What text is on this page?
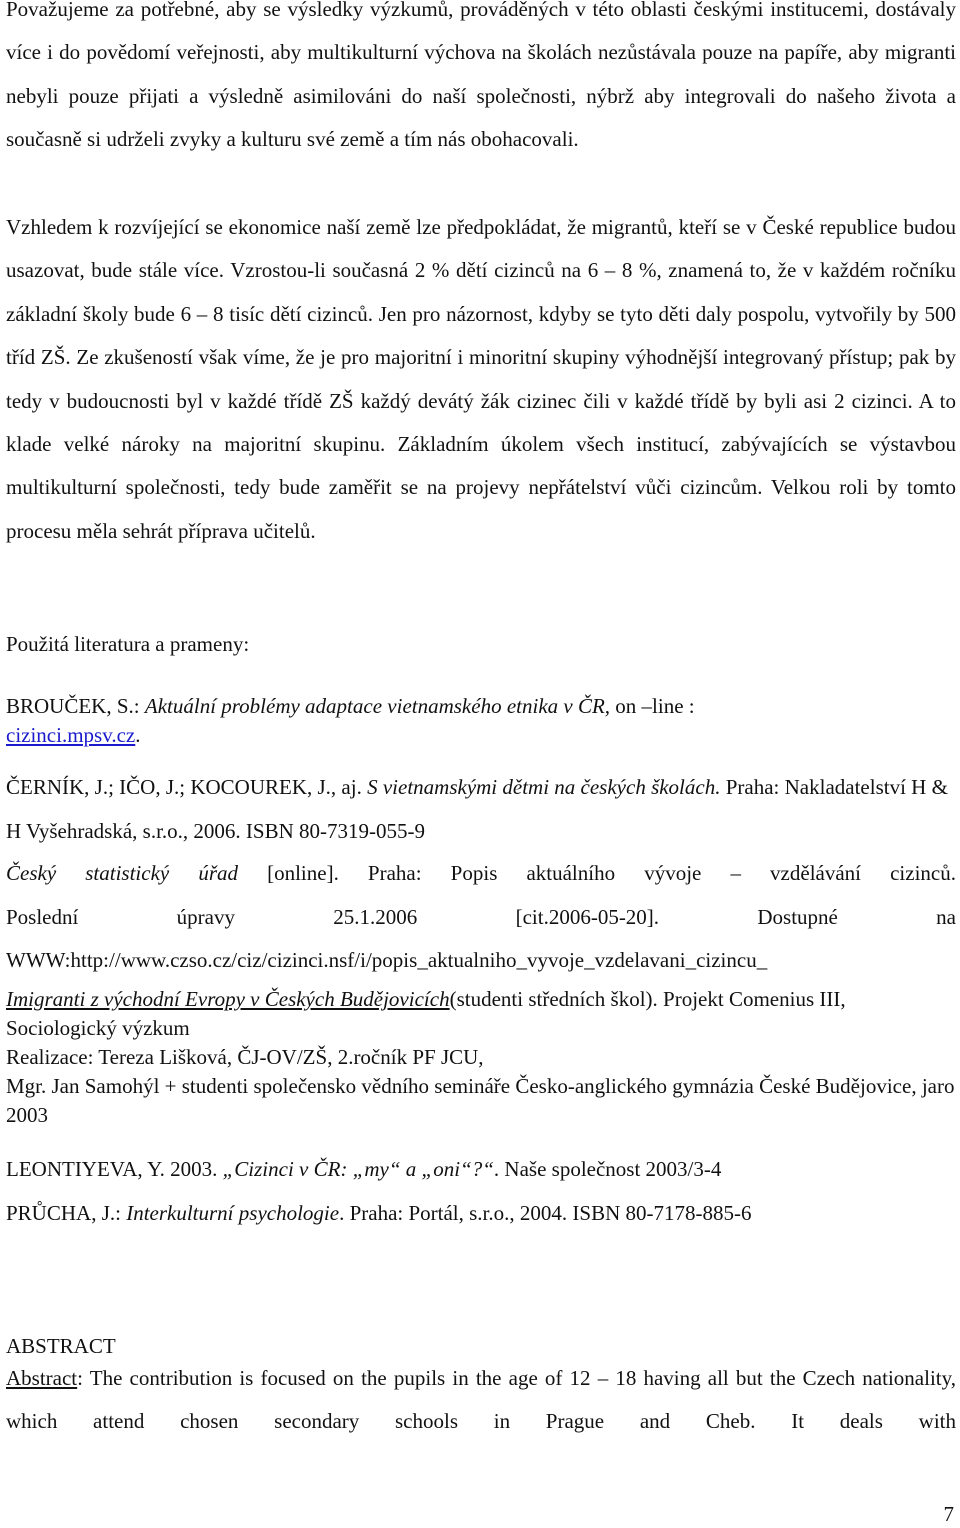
Považujeme za potřebné, aby se výsledky výzkumů, prováděných v této oblasti českými institucemi, dostávaly více i do povědomí veřejnosti, aby multikulturní výchova na školách nezůstávala pouze na papíře, aby migranti nebyli pouze přijati a výsledně asimilováni do naší společnosti, nýbrž aby integrovali do našeho života a současně si udrželi zvyky a kulturu své země a tím nás obohacovali.

Vzhledem k rozvíjející se ekonomice naší země lze předpokládat, že migrantů, kteří se v České republice budou usazovat, bude stále více. Vzrostou-li současná 2 % dětí cizinců na 6 – 8 %, znamená to, že v každém ročníku základní školy bude 6 – 8 tisíc dětí cizinců. Jen pro názornost, kdyby se tyto děti daly pospolu, vytvořily by 500 tříd ZŠ. Ze zkušeností však víme, že je pro majoritní i minoritní skupiny výhodnější integrovaný přístup; pak by tedy v budoucnosti byl v každé třídě ZŠ každý devátý žák cizinec čili v každé třídě by byli asi 2 cizinci. A to klade velké nároky na majoritní skupinu. Základním úkolem všech institucí, zabývajících se výstavbou multikulturní společnosti, tedy bude zaměřit se na projevy nepřátelství vůči cizincům. Velkou roli by tomto procesu měla sehrát příprava učitelů.

Použitá literatura a prameny:

BROUČEK, S.: Aktuální problémy adaptace vietnamského etnika v ČR, on –line :
cizinci.mpsv.cz.

ČERNÍK, J.; IČO, J.; KOCOUREK, J., aj. S vietnamskými dětmi na českých školách. Praha: Nakladatelství H & H Vyšehradská, s.r.o., 2006. ISBN 80-7319-055-9

Český statistický úřad [online]. Praha: Popis aktuálního vývoje – vzdělávání cizinců.
Poslední úpravy 25.1.2006 [cit.2006-05-20]. Dostupné na
WWW:http://www.czso.cz/ciz/cizinci.nsf/i/popis_aktualniho_vyvoje_vzdelavani_cizincu_

Imigranti z východní Evropy v Českých Budějovicích(studenti středních škol). Projekt Comenius III, Sociologický výzkum
Realizace: Tereza Lišková, ČJ-OV/ZŠ, 2.ročník PF JCU,
Mgr. Jan Samohýl + studenti společensko vědního semináře Česko-anglického gymnázia České Budějovice, jaro 2003

LEONTIYEVA, Y. 2003. „Cizinci v ČR: „my“ a „oni“?“. Naše společnost 2003/3-4

PRŮCHA, J.: Interkulturní psychologie. Praha: Portál, s.r.o., 2004. ISBN 80-7178-885-6

ABSTRACT

Abstract: The contribution is focused on the pupils in the age of 12 – 18 having all but the Czech nationality, which attend chosen secondary schools in Prague and Cheb. It deals with

7
